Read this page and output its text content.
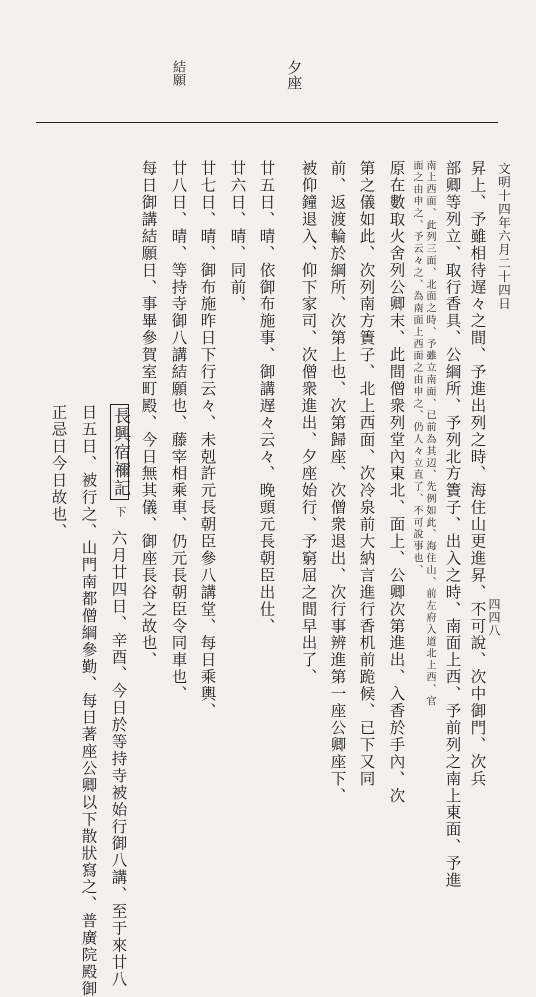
文明十四年六月二十四日
四四八
夕座
結願
昇上、予雖相待遅々之間、予進出列之時、海住山更進昇、不可說、次中御門、次兵
部卿等列立、取行香具、公綱所、予列北方簀子、出入之時、南面上西、予前列之南上東面、予進
南上西面、此列三面、北面之時、予雖立南面、已前為其辺、先例如此、海住山、前左府入道北上西、官
面之由申之、予云々之、為南面上西面之由申之、仍人々立直了、不可說事也、
原在數取火舍列公卿末、此間僧衆列堂內東北、面上、公卿次第進出、入香於手內、次
第之儀如此、次列南方簀子、北上西面、次冷泉前大納言進行香机前跪候、已下又同
前、返渡輪於綱所、次第上也、次第歸座、次僧衆退出、次行事辨進第一座公卿座下、
被仰鐘退入、仰下家司、次僧衆進出、夕座始行、予窮屈之間早出了、
廿五日、晴、依御布施事、御講遅々云々、晚頭元長朝臣出仕、
廿六日、晴、同前、
廿七日、晴、御布施昨日下行云々、未剋許元長朝臣參八講堂、每日乘輿、
廿八日、晴、等持寺御八講結願也、藤宰相乘車、仍元長朝臣令同車也、
每日御講結願日、事畢參賀室町殿、今日無其儀、御座長谷之故也、
長興宿禰記
下
六月廿四日、辛酉、今日於等持寺被始行御八講、至于來廿八
日五日、被行之、山門南都僧綱參勤、每日著座公卿以下散狀寫之、普廣院殿御
正忌日今日故也、
